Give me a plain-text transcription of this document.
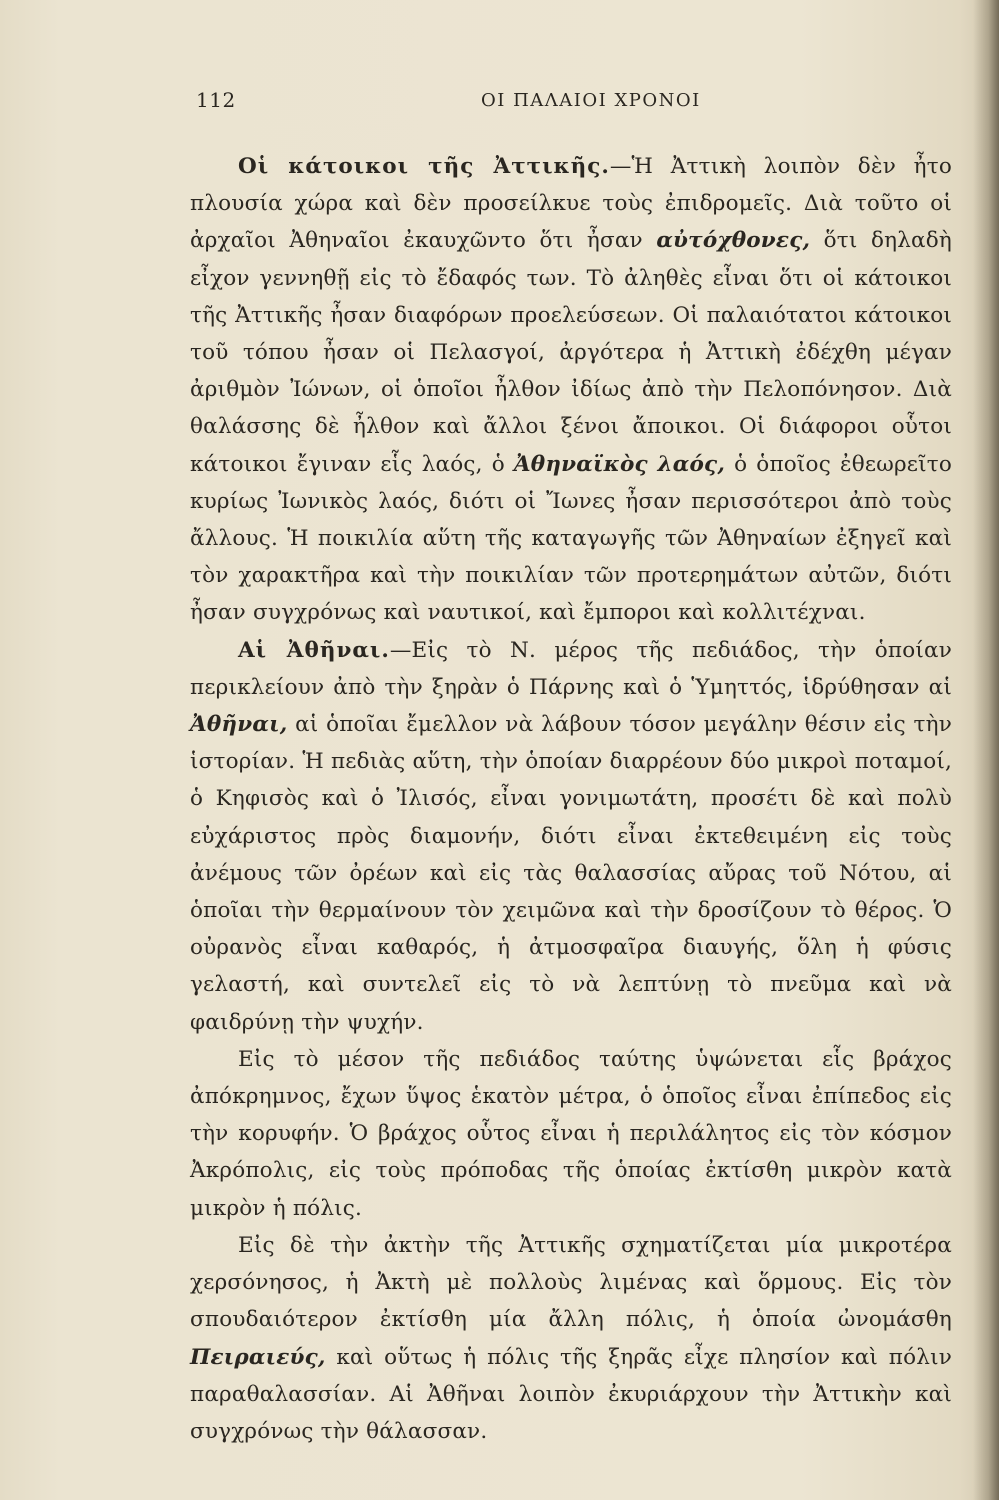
112	ΟΙ ΠΑΛΑΙΟΙ ΧΡΟΝΟΙ

Οἱ κάτοικοι τῆς Ἀττικῆς.—Ἡ Ἀττικὴ λοιπὸν δὲν ἦτο πλουσία χώρα καὶ δὲν προσείλκυε τοὺς ἐπιδρομεῖς. Διὰ τοῦτο οἱ ἀρχαῖοι Ἀθηναῖοι ἐκαυχῶντο ὅτι ἦσαν αὐτόχθονες, ὅτι δηλαδὴ εἶχον γεννηθῇ εἰς τὸ ἔδαφός των. Τὸ ἀληθὲς εἶναι ὅτι οἱ κάτοικοι τῆς Ἀττικῆς ἦσαν διαφόρων προελεύσεων. Οἱ παλαιότατοι κάτοικοι τοῦ τόπου ἦσαν οἱ Πελασγοί, ἀργότερα ἡ Ἀττικὴ ἐδέχθη μέγαν ἀριθμὸν Ἰώνων, οἱ ὁποῖοι ἦλθον ἰδίως ἀπὸ τὴν Πελοπόνησον. Διὰ θαλάσσης δὲ ἦλθον καὶ ἄλλοι ξένοι ἄποικοι. Οἱ διάφοροι οὗτοι κάτοικοι ἔγιναν εἷς λαός, ὁ Ἀθηναϊκὸς λαός, ὁ ὁποῖος ἐθεωρεῖτο κυρίως Ἰωνικὸς λαός, διότι οἱ Ἴωνες ἦσαν περισσότεροι ἀπὸ τοὺς ἄλλους. Ἡ ποικιλία αὕτη τῆς καταγωγῆς τῶν Ἀθηναίων ἐξηγεῖ καὶ τὸν χαρακτῆρα καὶ τὴν ποικιλίαν τῶν προτερημάτων αὐτῶν, διότι ἦσαν συγχρόνως καὶ ναυτικοί, καὶ ἔμποροι καὶ κολλιτέχναι.

Αἱ Ἀθῆναι.—Εἰς τὸ Ν. μέρος τῆς πεδιάδος, τὴν ὁποίαν περικλείουν ἀπὸ τὴν ξηρὰν ὁ Πάρνης καὶ ὁ Ὑμηττός, ἱδρύθησαν αἱ Ἀθῆναι, αἱ ὁποῖαι ἔμελλον νὰ λάβουν τόσον μεγάλην θέσιν εἰς τὴν ἱστορίαν. Ἡ πεδιὰς αὕτη, τὴν ὁποίαν διαρρέουν δύο μικροὶ ποταμοί, ὁ Κηφισὸς καὶ ὁ Ἰλισός, εἶναι γονιμωτάτη, προσέτι δὲ καὶ πολὺ εὐχάριστος πρὸς διαμονήν, διότι εἶναι ἐκτεθειμένη εἰς τοὺς ἀνέμους τῶν ὀρέων καὶ εἰς τὰς θαλασσίας αὔρας τοῦ Νότου, αἱ ὁποῖαι τὴν θερμαίνουν τὸν χειμῶνα καὶ τὴν δροσίζουν τὸ θέρος. Ὁ οὐρανὸς εἶναι καθαρός, ἡ ἀτμοσφαῖρα διαυγής, ὅλη ἡ φύσις γελαστή, καὶ συντελεῖ εἰς τὸ νὰ λεπτύνῃ τὸ πνεῦμα καὶ νὰ φαιδρύνῃ τὴν ψυχήν.

Εἰς τὸ μέσον τῆς πεδιάδος ταύτης ὑψώνεται εἷς βράχος ἀπόκρημνος, ἔχων ὕψος ἑκατὸν μέτρα, ὁ ὁποῖος εἶναι ἐπίπεδος εἰς τὴν κορυφήν. Ὁ βράχος οὗτος εἶναι ἡ περιλάλητος εἰς τὸν κόσμον Ἀκρόπολις, εἰς τοὺς πρόποδας τῆς ὁποίας ἐκτίσθη μικρὸν κατὰ μικρὸν ἡ πόλις.

Εἰς δὲ τὴν ἀκτὴν τῆς Ἀττικῆς σχηματίζεται μία μικροτέρα χερσόνησος, ἡ Ἀκτὴ μὲ πολλοὺς λιμένας καὶ ὅρμους. Εἰς τὸν σπουδαιότερον ἐκτίσθη μία ἄλλη πόλις, ἡ ὁποία ὠνομάσθη Πειραιεύς, καὶ οὕτως ἡ πόλις τῆς ξηρᾶς εἶχε πλησίον καὶ πόλιν παραθαλασσίαν. Αἱ Ἀθῆναι λοιπὸν ἐκυριάρχουν τὴν Ἀττικὴν καὶ συγχρόνως τὴν θάλασσαν.
